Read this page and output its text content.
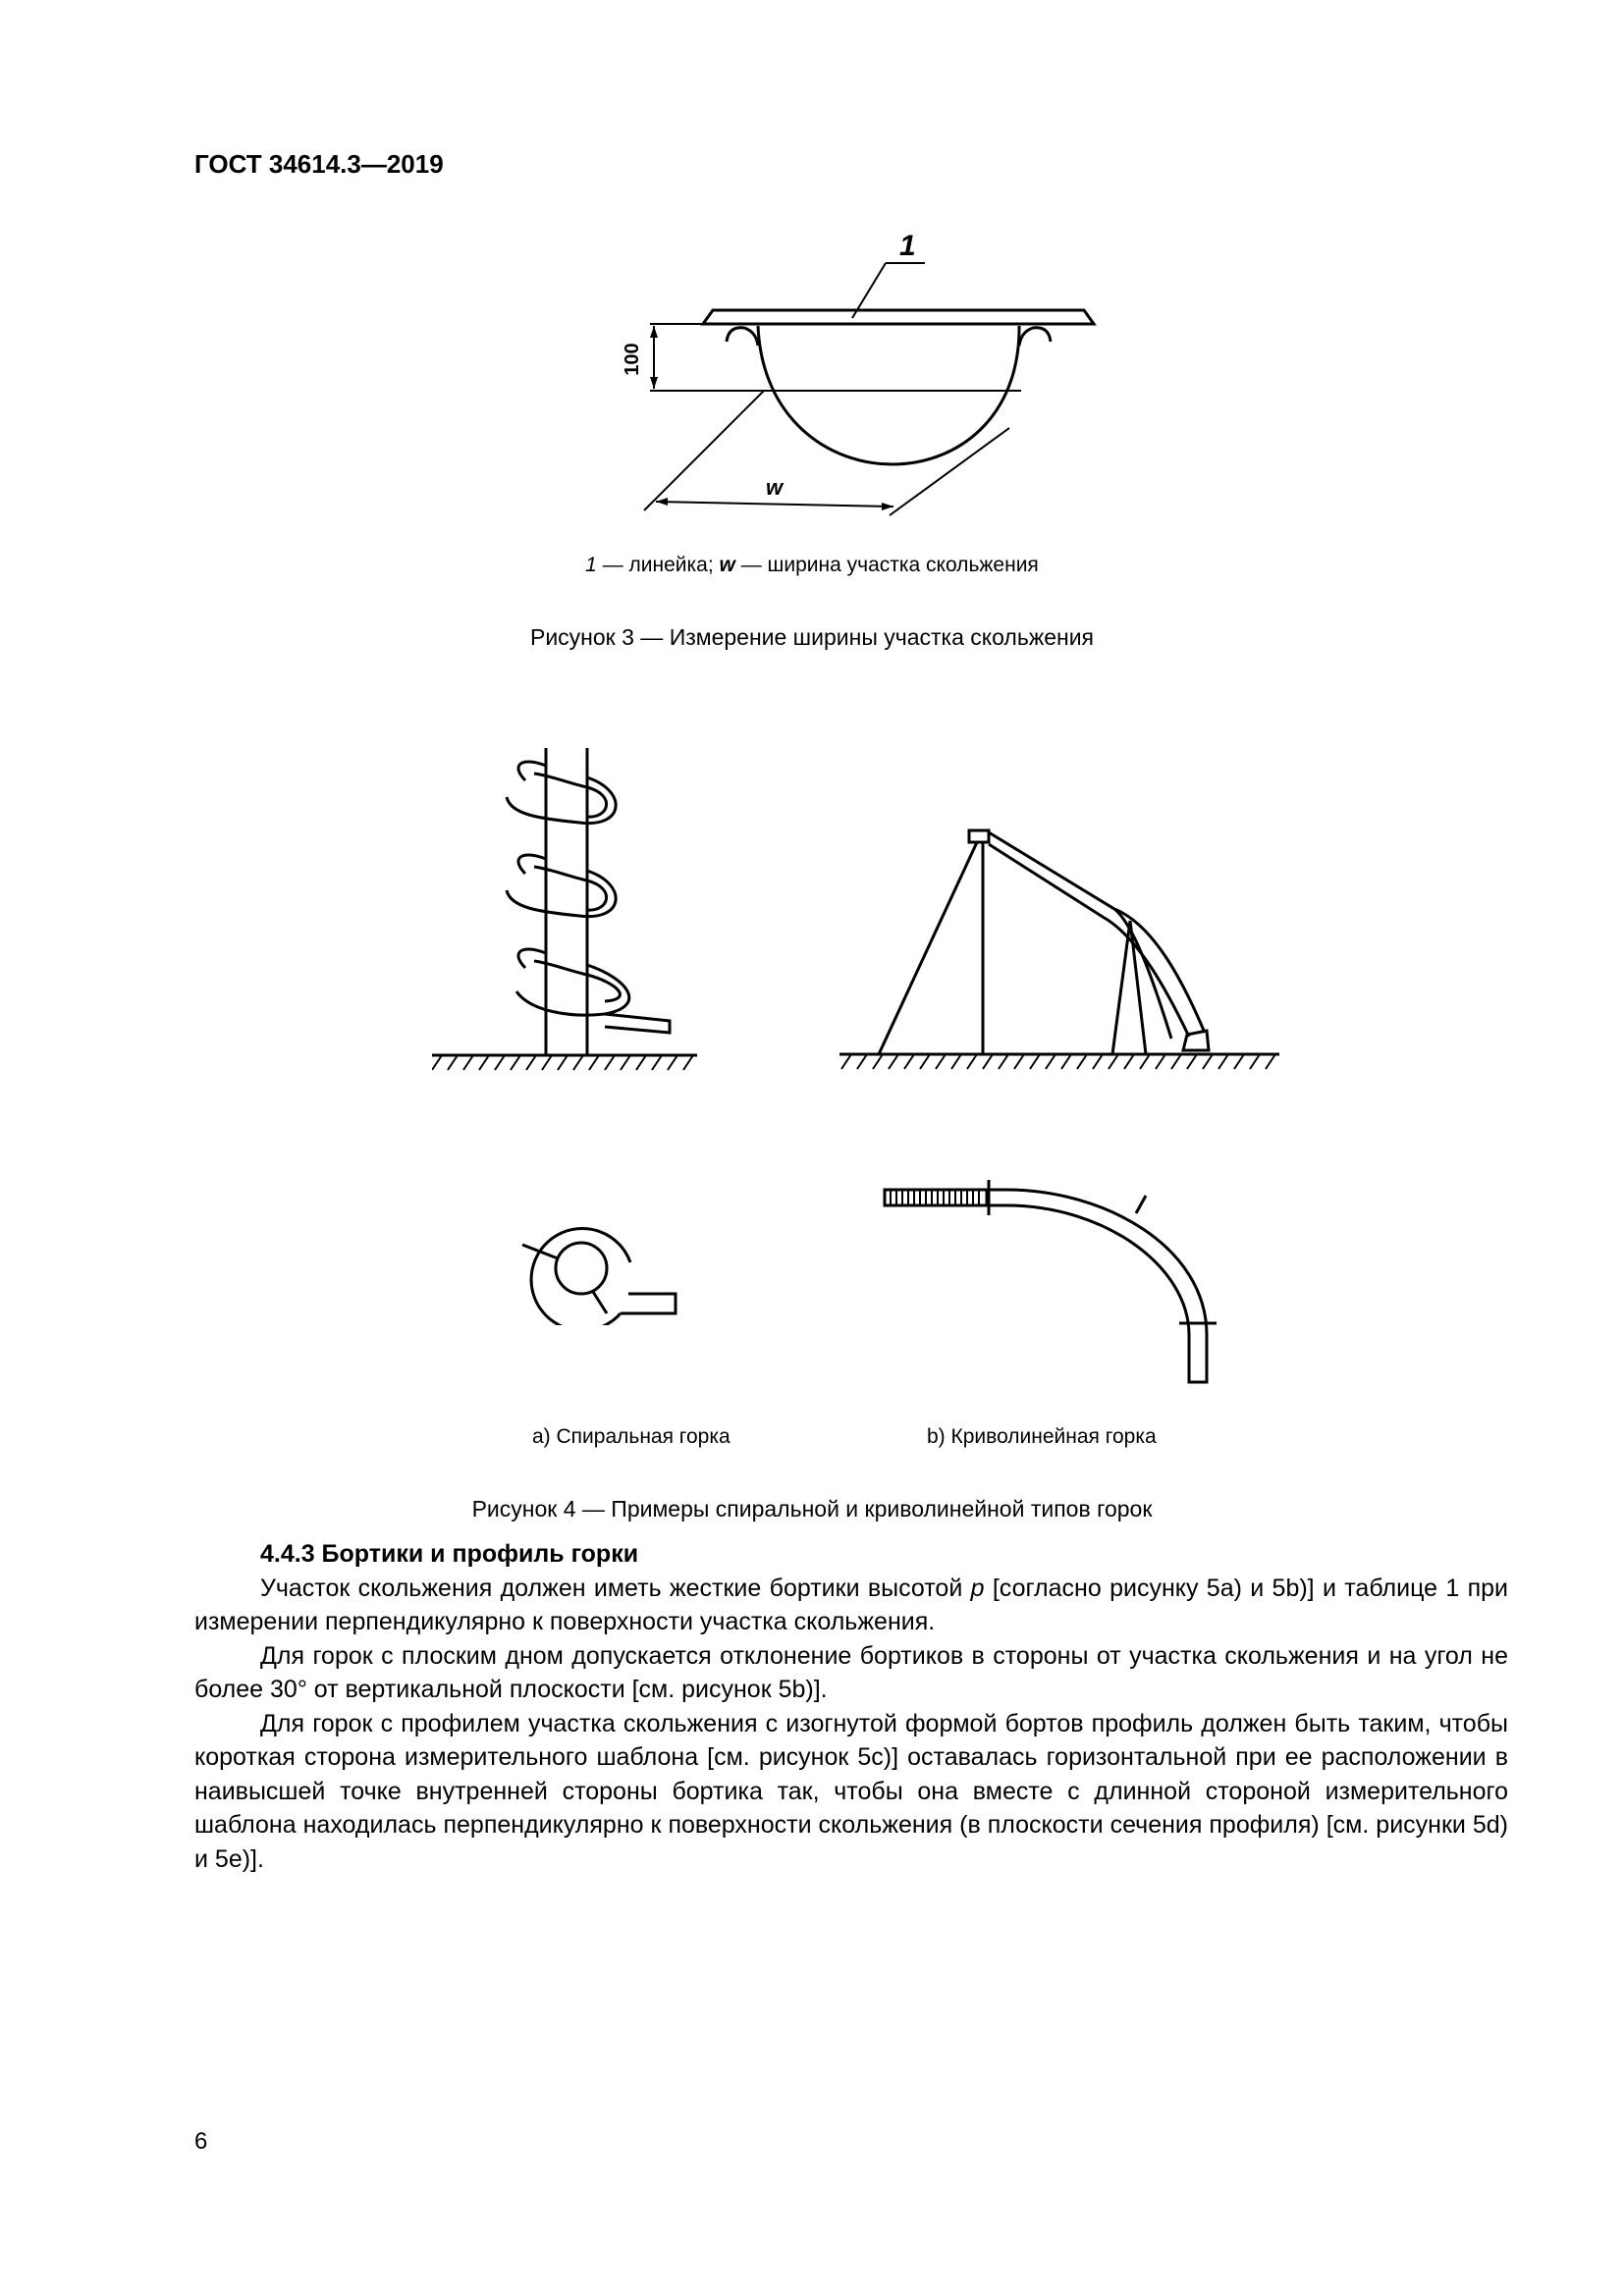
ГОСТ 34614.3—2019
1
100
w
1 — линейка; w — ширина участка скольжения
Рисунок 3 — Измерение ширины участка скольжения
a) Спиральная горка	b) Криволинейная горка
Рисунок 4 — Примеры спиральной и криволинейной типов горок
4.4.3 Бортики и профиль горки

Участок скольжения должен иметь жесткие бортики высотой p [согласно рисунку 5a) и 5b)] и таблице 1 при измерении перпендикулярно к поверхности участка скольжения.

Для горок с плоским дном допускается отклонение бортиков в стороны от участка скольжения и на угол не более 30° от вертикальной плоскости [см. рисунок 5b)].

Для горок с профилем участка скольжения с изогнутой формой бортов профиль должен быть таким, чтобы короткая сторона измерительного шаблона [см. рисунок 5c)] оставалась горизонтальной при ее расположении в наивысшей точке внутренней стороны бортика так, чтобы она вместе с длинной стороной измерительного шаблона находилась перпендикулярно к поверхности скольжения (в плоскости сечения профиля) [см. рисунки 5d) и 5e)].

6
